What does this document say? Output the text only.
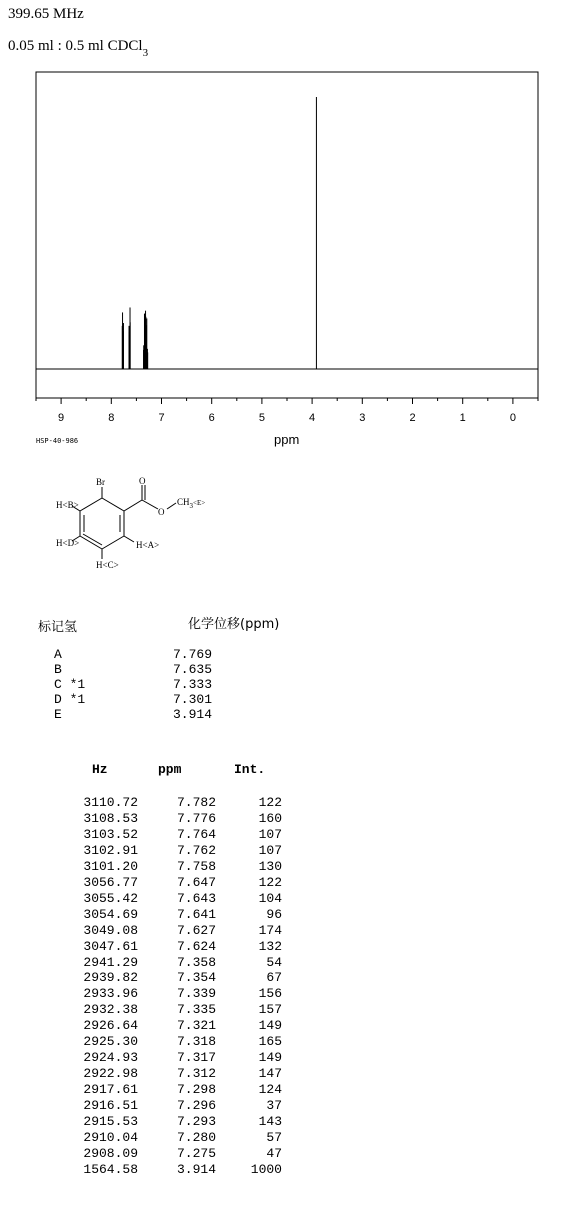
399.65 MHz
0.05 ml : 0.5 ml CDCl$_3$
9	8	7	6	5	4	3	2	1	0
HSP-40-986	ppm
Br	O
O
$CH_3^{<E>}$
H<B>
H<D>
H<C>
H<A>
标记氢	化学位移(ppm)
A	7.769
B	7.635
C *1	7.333
D *1	7.301
E	3.914
Hz	ppm	Int.
3110.72	7.782	122
3108.53	7.776	160
3103.52	7.764	107
3102.91	7.762	107
3101.20	7.758	130
3056.77	7.647	122
3055.42	7.643	104
3054.69	7.641	96
3049.08	7.627	174
3047.61	7.624	132
2941.29	7.358	54
2939.82	7.354	67
2933.96	7.339	156
2932.38	7.335	157
2926.64	7.321	149
2925.30	7.318	165
2924.93	7.317	149
2922.98	7.312	147
2917.61	7.298	124
2916.51	7.296	37
2915.53	7.293	143
2910.04	7.280	57
2908.09	7.275	47
1564.58	3.914	1000
